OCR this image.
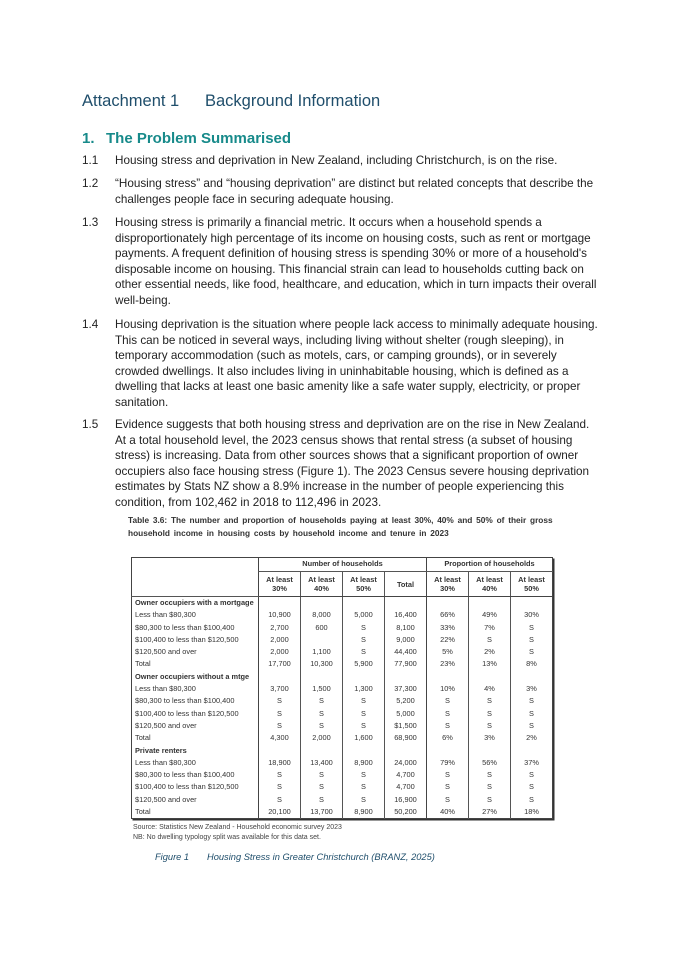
Attachment 1 Background Information
1. The Problem Summarised
1.1	Housing stress and deprivation in New Zealand, including Christchurch, is on the rise.
1.2	“Housing stress” and “housing deprivation” are distinct but related concepts that describe the challenges people face in securing adequate housing.
1.3	Housing stress is primarily a financial metric. It occurs when a household spends a disproportionately high percentage of its income on housing costs, such as rent or mortgage payments. A frequent definition of housing stress is spending 30% or more of a household's disposable income on housing. This financial strain can lead to households cutting back on other essential needs, like food, healthcare, and education, which in turn impacts their overall well-being.
1.4	Housing deprivation is the situation where people lack access to minimally adequate housing. This can be noticed in several ways, including living without shelter (rough sleeping), in temporary accommodation (such as motels, cars, or camping grounds), or in severely crowded dwellings. It also includes living in uninhabitable housing, which is defined as a dwelling that lacks at least one basic amenity like a safe water supply, electricity, or proper sanitation.
1.5	Evidence suggests that both housing stress and deprivation are on the rise in New Zealand. At a total household level, the 2023 census shows that rental stress (a subset of housing stress) is increasing. Data from other sources shows that a significant proportion of owner occupiers also face housing stress (Figure 1). The 2023 Census severe housing deprivation estimates by Stats NZ show a 8.9% increase in the number of people experiencing this condition, from 102,462 in 2018 to 112,496 in 2023.
Table 3.6: The number and proportion of households paying at least 30%, 40% and 50% of their gross household income in housing costs by household income and tenure in 2023
	Number of households				Proportion of households		
	At least 30%	At least 40%	At least 50%	Total	At least 30%	At least 40%	At least 50%
Owner occupiers with a mortgage							
Less than $80,300	10,900	8,000	5,000	16,400	66%	49%	30%
$80,300 to less than $100,400	2,700	600	S	8,100	33%	7%	S
$100,400 to less than $120,500	2,000		S	9,000	22%	S	S
$120,500 and over	2,000	1,100	S	44,400	5%	2%	S
Total	17,700	10,300	5,900	77,900	23%	13%	8%
Owner occupiers without a mtge							
Less than $80,300	3,700	1,500	1,300	37,300	10%	4%	3%
$80,300 to less than $100,400	S	S	S	5,200	S	S	S
$100,400 to less than $120,500	S	S	S	5,000	S	S	S
$120,500 and over	S	S	S	$1,500	S	S	S
Total	4,300	2,000	1,600	68,900	6%	3%	2%
Private renters							
Less than $80,300	18,900	13,400	8,900	24,000	79%	56%	37%
$80,300 to less than $100,400	S	S	S	4,700	S	S	S
$100,400 to less than $120,500	S	S	S	4,700	S	S	S
$120,500 and over	S	S	S	16,900	S	S	S
Total	20,100	13,700	8,900	50,200	40%	27%	18%
Source: Statistics New Zealand - Household economic survey 2023
NB: No dwelling typology split was available for this data set.
Figure 1 Housing Stress in Greater Christchurch (BRANZ, 2025)
